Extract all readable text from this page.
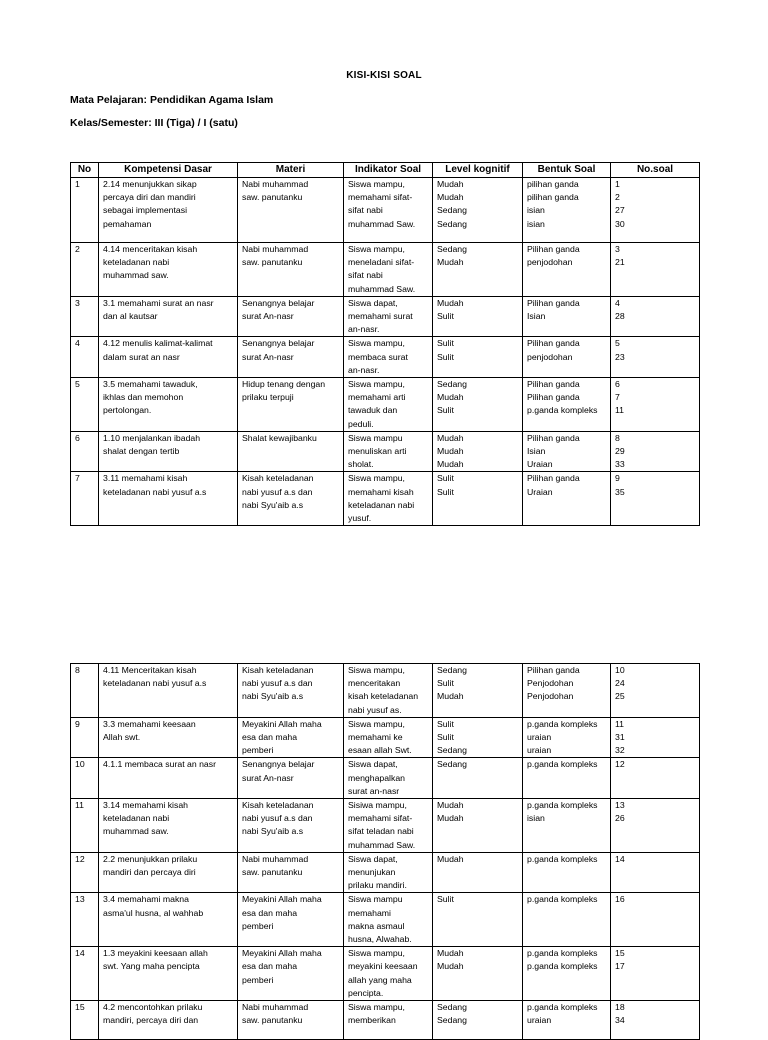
KISI-KISI SOAL
Mata Pelajaran: Pendidikan Agama Islam
Kelas/Semester: III (Tiga) / I (satu)
No	Kompetensi Dasar	Materi	Indikator Soal	Level kognitif	Bentuk Soal	No.soal
1	2.14 menunjukkan sikap
percaya diri dan mandiri
sebagai implementasi
pemahaman	Nabi muhammad
saw. panutanku	Siswa mampu,
memahami sifat-
sifat nabi
muhammad Saw.	Mudah
Mudah
Sedang
Sedang	pilihan ganda
pilihan ganda
isian
isian	1
2
27
30

2	4.14 menceritakan kisah
keteladanan nabi
muhammad saw.	Nabi muhammad
saw. panutanku	Siswa mampu,
meneladani sifat-
sifat nabi
muhammad Saw.	Sedang
Mudah	Pilihan ganda
penjodohan	3
21

3	3.1 memahami surat an nasr
dan al kautsar	Senangnya belajar
surat An-nasr	Siswa dapat,
memahami surat
an-nasr.	Mudah
Sulit	Pilihan ganda
Isian	4
28

4	4.12 menulis kalimat-kalimat
dalam surat an nasr	Senangnya belajar
surat An-nasr	Siswa mampu,
membaca surat
an-nasr.	Sulit
Sulit	Pilihan ganda
penjodohan	5
23

5	3.5 memahami tawaduk,
ikhlas dan memohon
pertolongan.	Hidup tenang dengan
prilaku terpuji	Siswa mampu,
memahami arti
tawaduk dan
peduli.	Sedang
Mudah
Sulit	Pilihan ganda
Pilihan ganda
p.ganda kompleks	6
7
11

6	1.10 menjalankan ibadah
shalat dengan tertib	Shalat kewajibanku	Siswa mampu
menuliskan arti
sholat.	Mudah
Mudah
Mudah	Pilihan ganda
Isian
Uraian	8
29
33

7	3.11 memahami kisah
keteladanan nabi yusuf a.s	Kisah keteladanan
nabi yusuf a.s dan
nabi Syu'aib a.s	Siswa mampu,
memahami kisah
keteladanan nabi
yusuf.	Sulit
Sulit	Pilihan ganda
Uraian	9
35
8	4.11 Menceritakan kisah
keteladanan nabi yusuf a.s	Kisah keteladanan
nabi yusuf a.s dan
nabi Syu'aib a.s	Siswa mampu,
menceritakan
kisah keteladanan
nabi yusuf as.	Sedang
Sulit
Mudah	Pilihan ganda
Penjodohan
Penjodohan	10
24
25

9	3.3 memahami keesaan
Allah swt.	Meyakini Allah maha
esa dan maha
pemberi	Siswa mampu,
memahami ke
esaan allah Swt.	Sulit
Sulit
Sedang	p.ganda kompleks
uraian
uraian	11
31
32

10	4.1.1 membaca surat an nasr	Senangnya belajar
surat An-nasr	Siswa dapat,
menghapalkan
surat an-nasr	Sedang	p.ganda kompleks	12

11	3.14 memahami kisah
keteladanan nabi
muhammad saw.	Kisah keteladanan
nabi yusuf a.s dan
nabi Syu'aib a.s	Sisiwa mampu,
memahami sifat-
sifat teladan nabi
muhammad Saw.	Mudah
Mudah	p.ganda kompleks
isian	13
26

12	2.2 menunjukkan prilaku
mandiri dan percaya diri	Nabi muhammad
saw. panutanku	Siswa dapat,
menunjukan
prilaku mandiri.	Mudah	p.ganda kompleks	14

13	3.4 memahami makna
asma'ul husna, al wahhab	Meyakini Allah maha
esa dan maha
pemberi	Siswa mampu
memahami
makna asmaul
husna, Alwahab.	Sulit	p.ganda kompleks	16

14	1.3 meyakini keesaan allah
swt. Yang maha pencipta	Meyakini Allah maha
esa dan maha
pemberi	Siswa mampu,
meyakini keesaan
allah yang maha
pencipta.	Mudah
Mudah	p.ganda kompleks
p.ganda kompleks	15
17

15	4.2 mencontohkan prilaku
mandiri, percaya diri dan	Nabi muhammad
saw. panutanku	Siswa mampu,
memberikan	Sedang
Sedang	p.ganda kompleks
uraian	18
34
